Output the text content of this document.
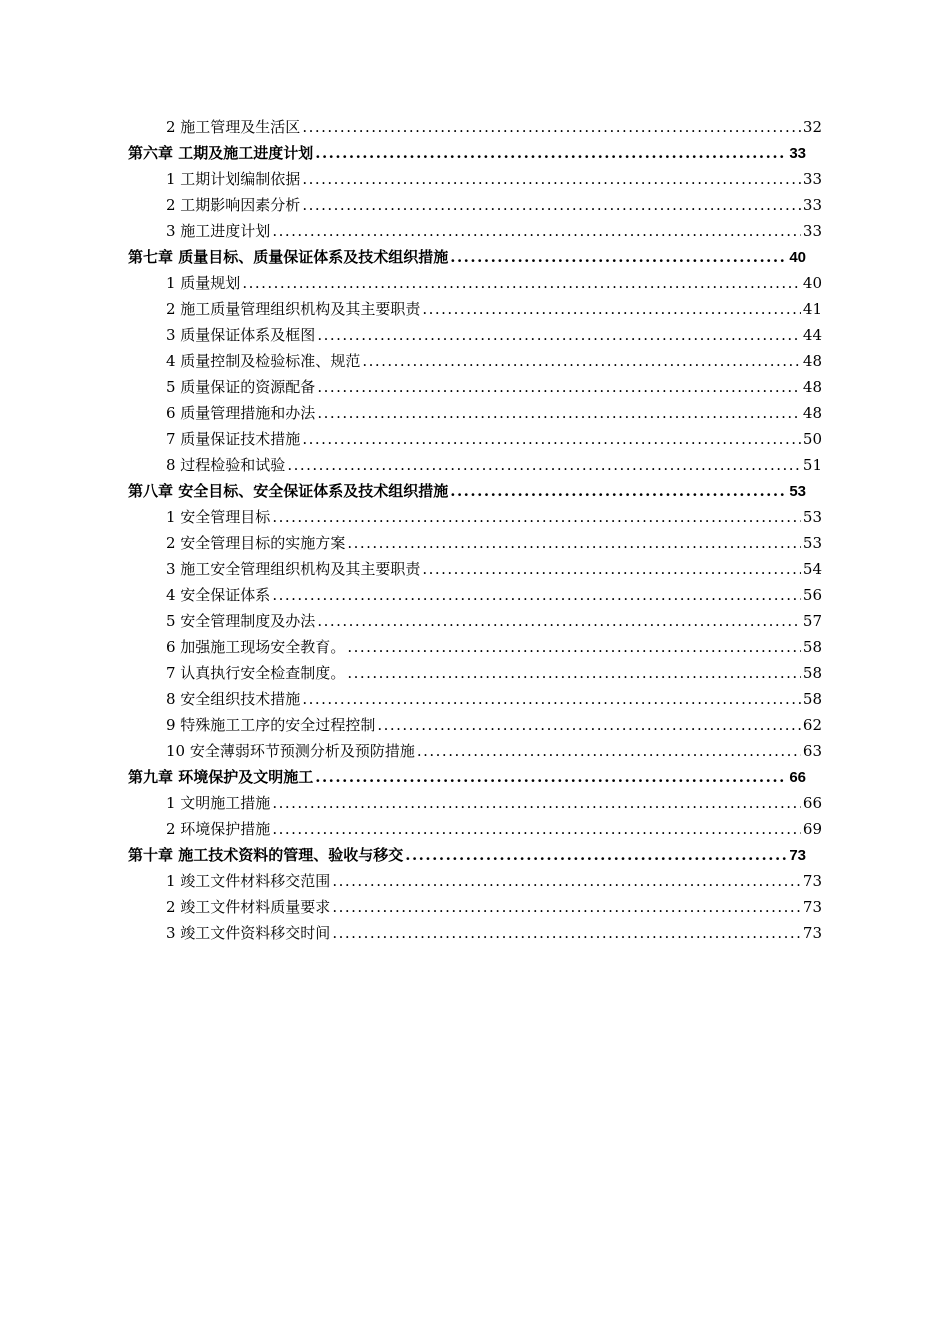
2 施工管理及生活区 .....	32
第六章 工期及施工进度计划 .....	33
1 工期计划编制依据 .....	33
2 工期影响因素分析 .....	33
3 施工进度计划 .....	33
第七章 质量目标、质量保证体系及技术组织措施 .....	40
1 质量规划 .....	40
2 施工质量管理组织机构及其主要职责 .....	41
3 质量保证体系及框图 .....	44
4 质量控制及检验标准、规范 .....	48
5 质量保证的资源配备 .....	48
6 质量管理措施和办法 .....	48
7 质量保证技术措施 .....	50
8 过程检验和试验 .....	51
第八章 安全目标、安全保证体系及技术组织措施 .....	53
1 安全管理目标 .....	53
2 安全管理目标的实施方案 .....	53
3 施工安全管理组织机构及其主要职责 .....	54
4 安全保证体系 .....	56
5 安全管理制度及办法 .....	57
6 加强施工现场安全教育。 .....	58
7 认真执行安全检查制度。 .....	58
8 安全组织技术措施 .....	58
9 特殊施工工序的安全过程控制 .....	62
10 安全薄弱环节预测分析及预防措施 .....	63
第九章 环境保护及文明施工 .....	66
1 文明施工措施 .....	66
2 环境保护措施 .....	69
第十章 施工技术资料的管理、验收与移交 .....	73
1 竣工文件材料移交范围 .....	73
2 竣工文件材料质量要求 .....	73
3 竣工文件资料移交时间 .....	73
